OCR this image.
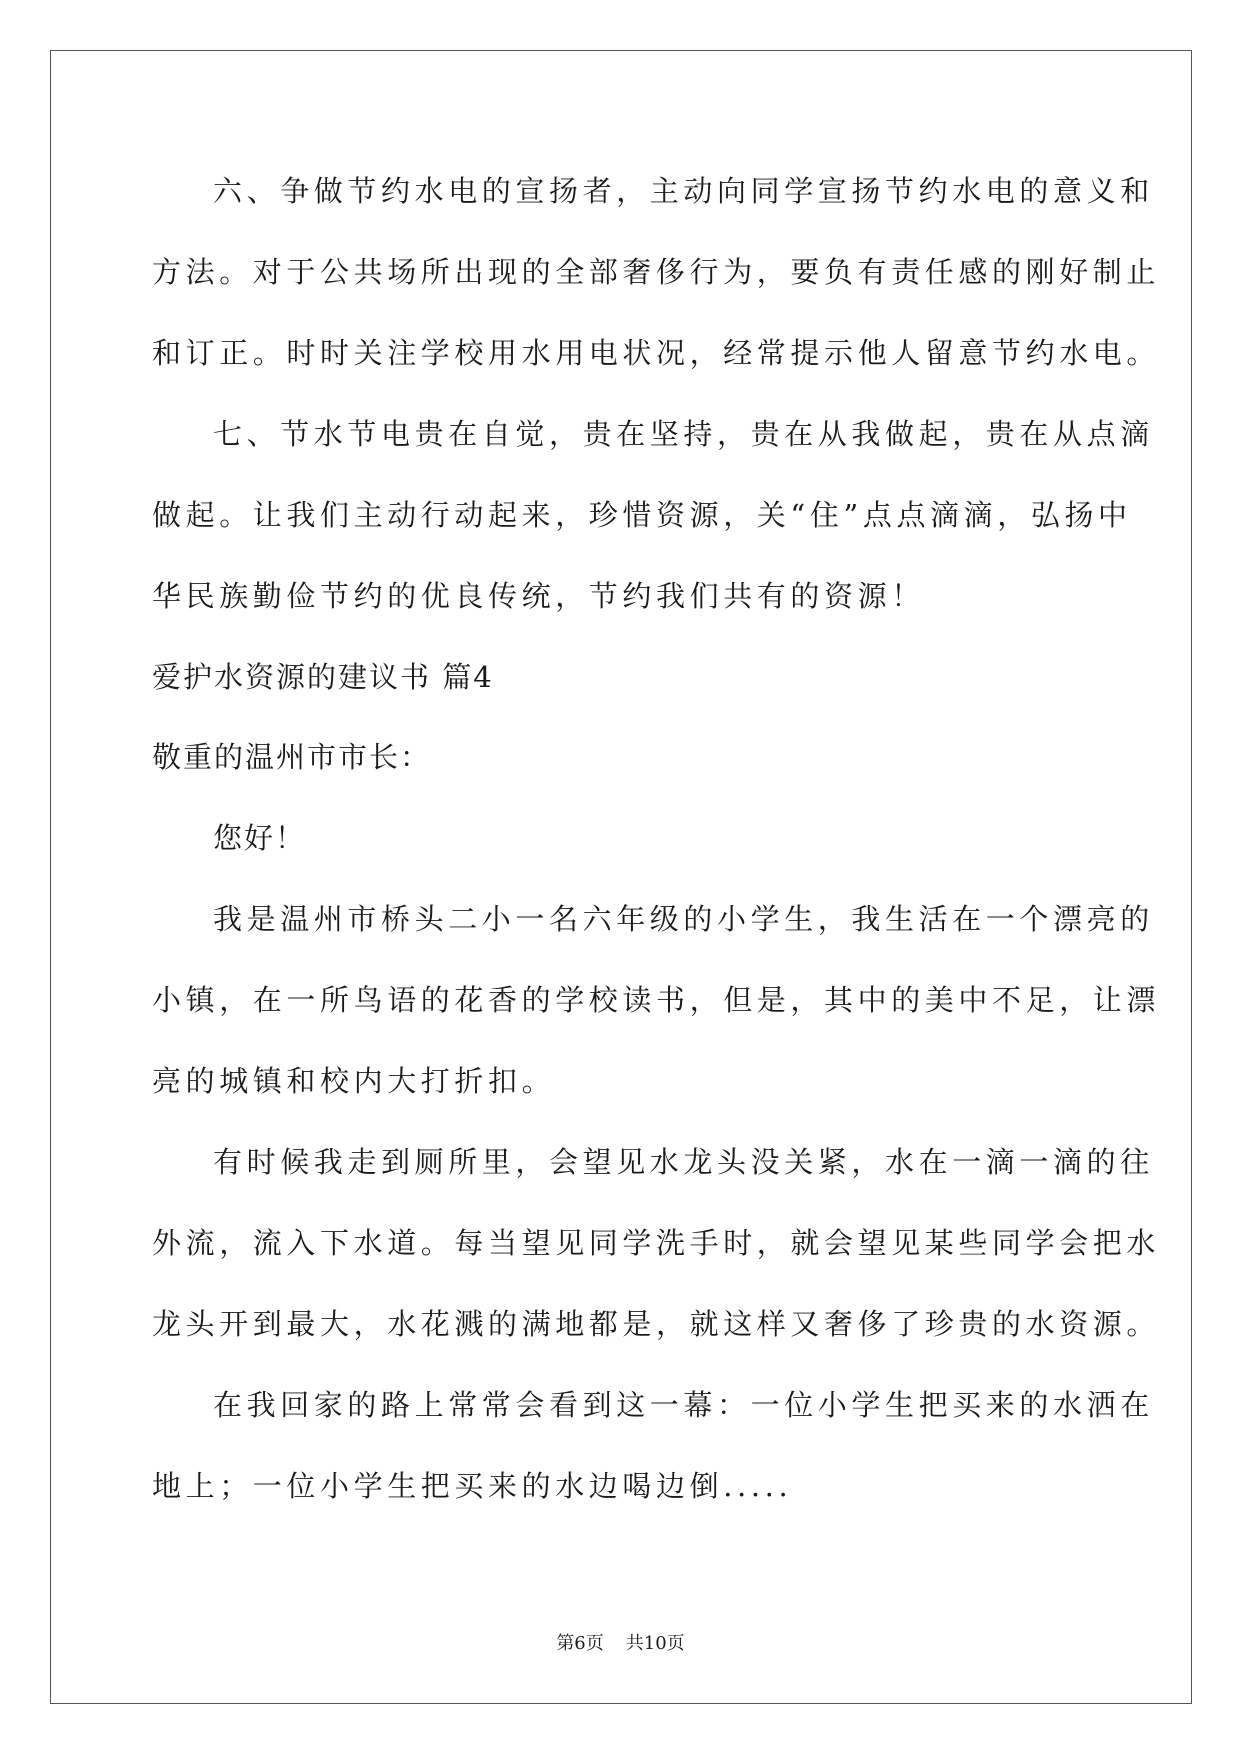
六、争做节约水电的宣扬者，主动向同学宣扬节约水电的意义和
方法。对于公共场所出现的全部奢侈行为，要负有责任感的刚好制止
和订正。时时关注学校用水用电状况，经常提示他人留意节约水电。
七、节水节电贵在自觉，贵在坚持，贵在从我做起，贵在从点滴
做起。让我们主动行动起来，珍惜资源，关“住”点点滴滴，弘扬中
华民族勤俭节约的优良传统，节约我们共有的资源！
爱护水资源的建议书 篇4
敬重的温州市市长：
您好！
我是温州市桥头二小一名六年级的小学生，我生活在一个漂亮的
小镇，在一所鸟语的花香的学校读书，但是，其中的美中不足，让漂
亮的城镇和校内大打折扣。
有时候我走到厕所里，会望见水龙头没关紧，水在一滴一滴的往
外流，流入下水道。每当望见同学洗手时，就会望见某些同学会把水
龙头开到最大，水花溅的满地都是，就这样又奢侈了珍贵的水资源。
在我回家的路上常常会看到这一幕：一位小学生把买来的水洒在
地上；一位小学生把买来的水边喝边倒.....
第6页 共10页
